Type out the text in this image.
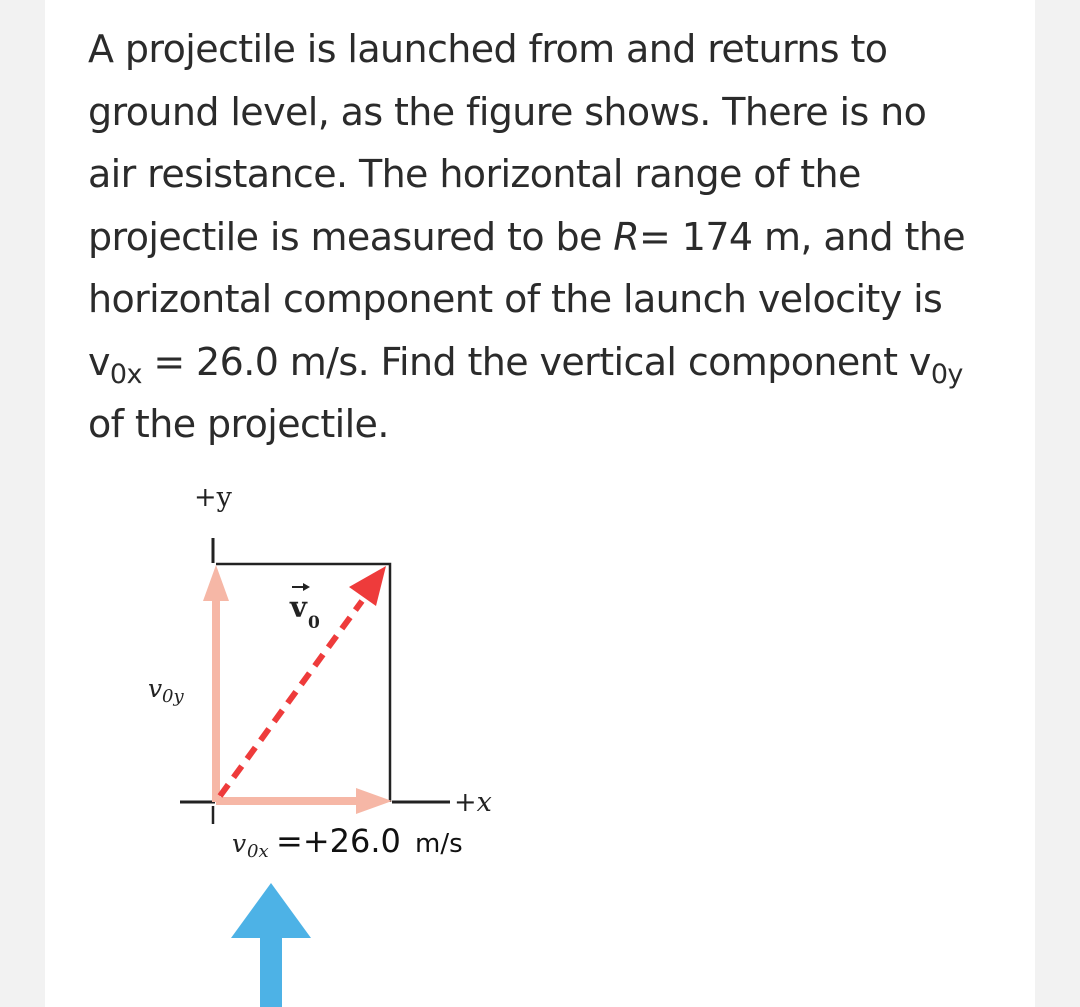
A projectile is launched from and returns to

ground level, as the figure shows. There is no

air resistance. The horizontal range of the

projectile is measured to be R= 174 m, and the

horizontal component of the launch velocity is

$v_{0x} = 26.0$ m/s. Find the vertical component $v_{0y}$

of the projectile.

+y
+x
v 0
v 0y
v 0x =+26.0 m/s
